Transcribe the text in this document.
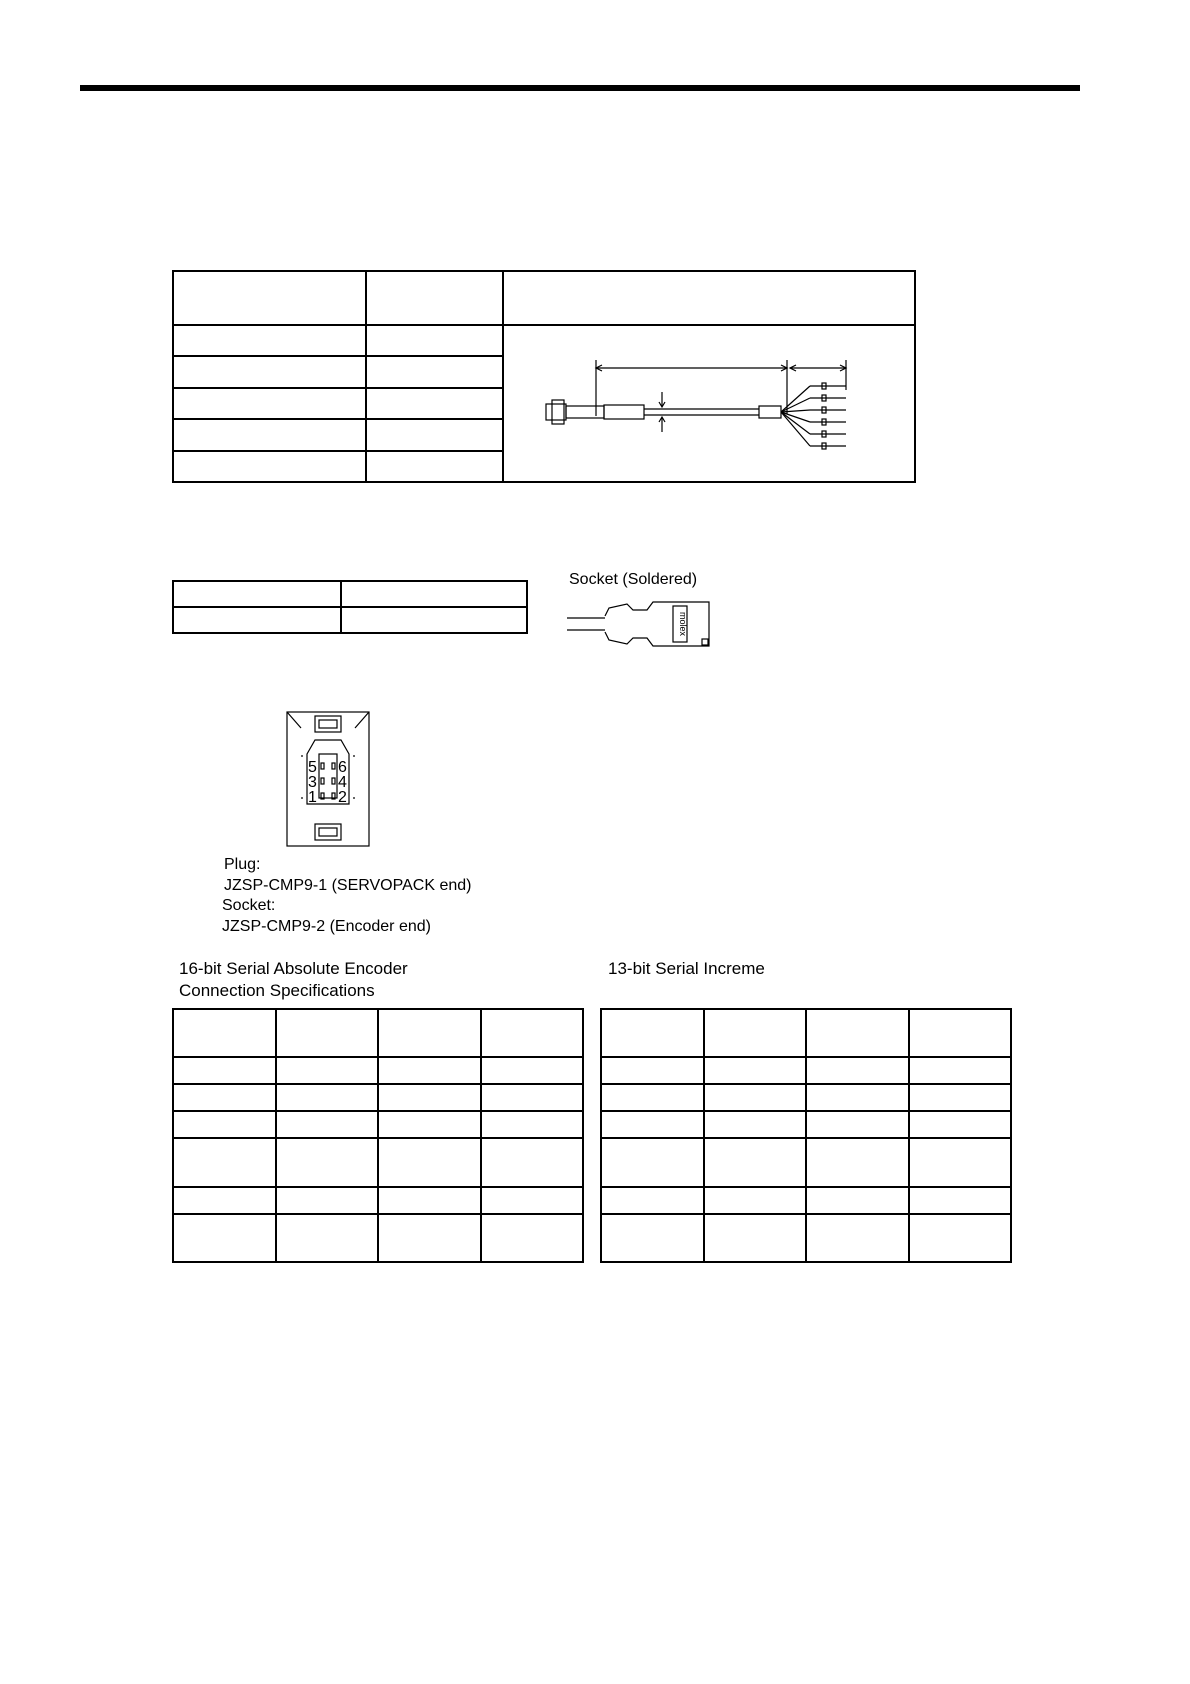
Socket (Soldered)
molex
5 6
3 4
1 2
Plug:
JZSP-CMP9-1 (SERVOPACK end)
Socket:
JZSP-CMP9-2 (Encoder end)
16-bit Serial Absolute Encoder
Connection Specifications
13-bit Serial Increme
